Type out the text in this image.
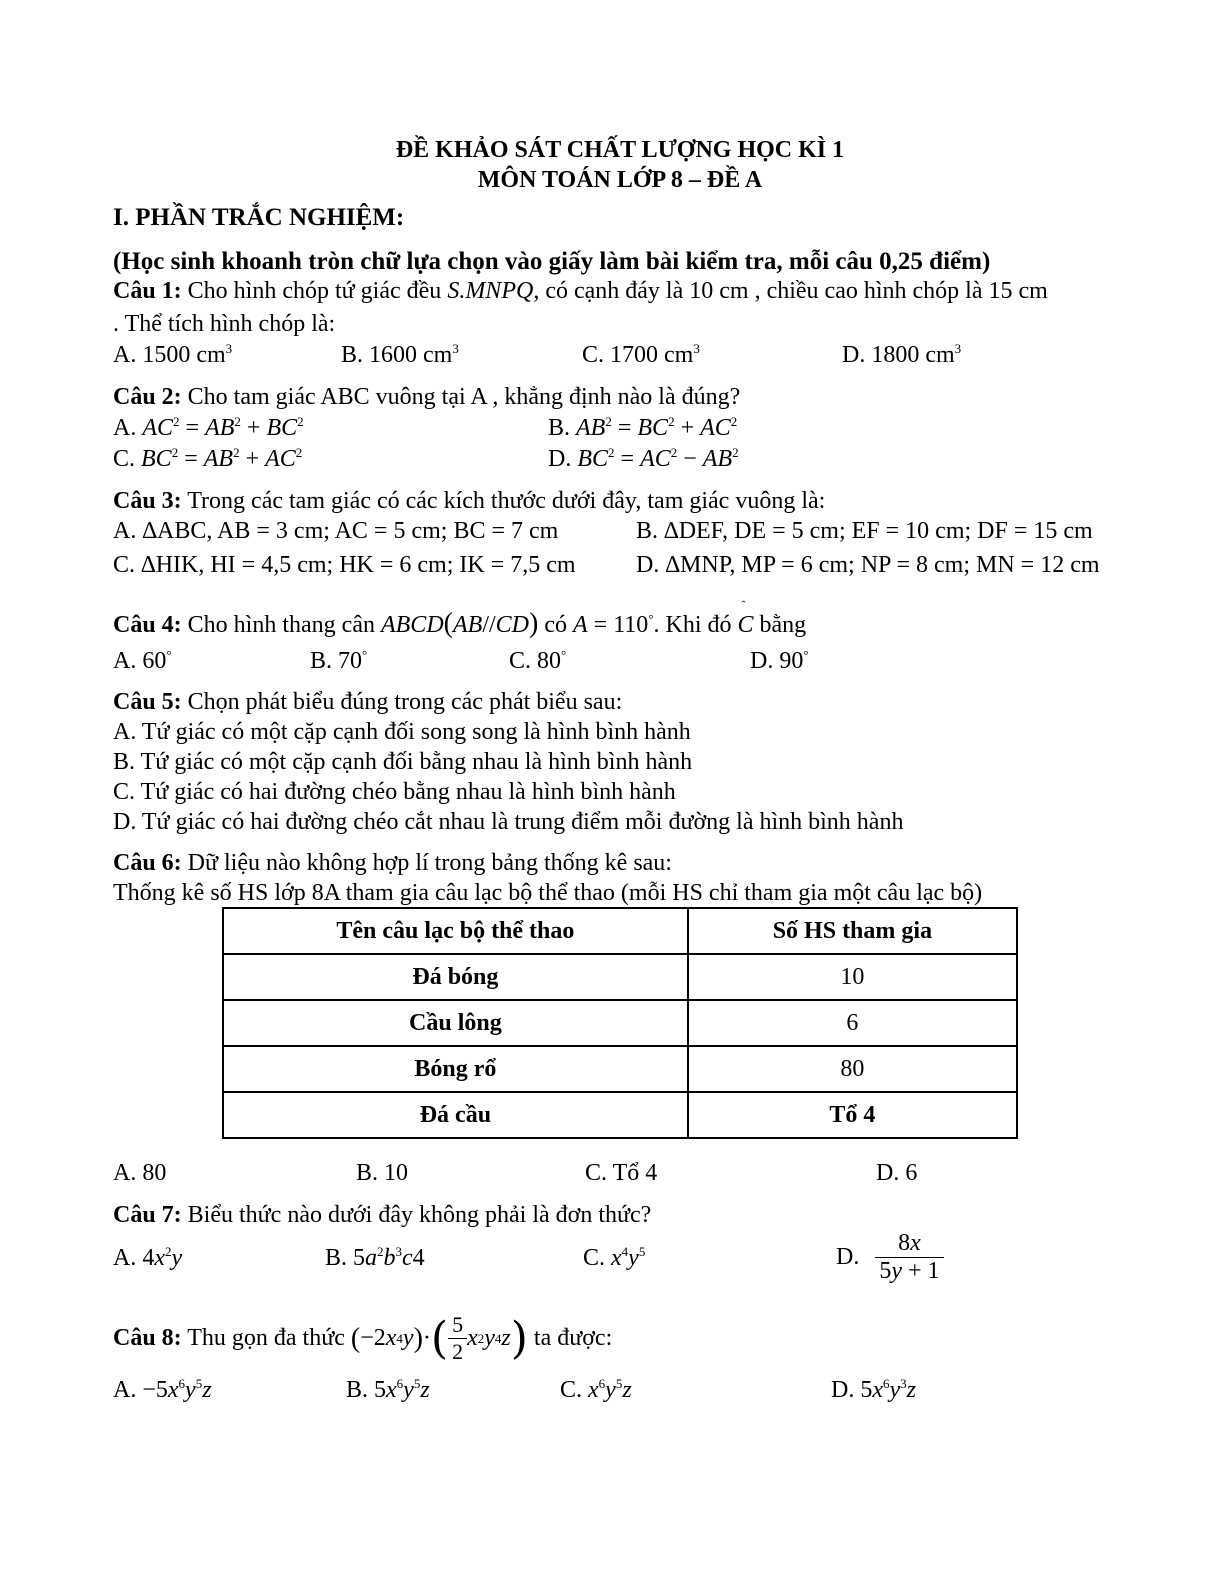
ĐỀ KHẢO SÁT CHẤT LƯỢNG HỌC KÌ 1
MÔN TOÁN LỚP 8 – ĐỀ A
I. PHẦN TRẮC NGHIỆM:
(Học sinh khoanh tròn chữ lựa chọn vào giấy làm bài kiểm tra, mỗi câu 0,25 điểm)
Câu 1: Cho hình chóp tứ giác đều S.MNPQ, có cạnh đáy là 10 cm , chiều cao hình chóp là 15 cm
. Thể tích hình chóp là:
A. 1500 $cm^3$	B. 1600 $cm^3$	C. 1700 $cm^3$	D. 1800 $cm^3$
Câu 2: Cho tam giác ABC vuông tại A , khẳng định nào là đúng?
A. $AC^2 = AB^2 + BC^2$	B. $AB^2 = BC^2 + AC^2$
C. $BC^2 = AB^2 + AC^2$	D. $BC^2 = AC^2 - AB^2$
Câu 3: Trong các tam giác có các kích thước dưới đây, tam giác vuông là:
A. ∆ABC, AB = 3 cm; AC = 5 cm; BC = 7 cm	B. ∆DEF, DE = 5 cm; EF = 10 cm; DF = 15 cm
C. ∆HIK, HI = 4,5 cm; HK = 6 cm; IK = 7,5 cm	D. ∆MNP, MP = 6 cm; NP = 8 cm; MN = 12 cm
Câu 4: Cho hình thang cân ABCD(AB//CD) có A = 110°. Khi đó C
ˆ
bằng
A. 60°	B. 70°	C. 80°	D. 90°
Câu 5: Chọn phát biểu đúng trong các phát biểu sau:
A. Tứ giác có một cặp cạnh đối song song là hình bình hành
B. Tứ giác có một cặp cạnh đối bằng nhau là hình bình hành
C. Tứ giác có hai đường chéo bằng nhau là hình bình hành
D. Tứ giác có hai đường chéo cắt nhau là trung điểm mỗi đường là hình bình hành
Câu 6: Dữ liệu nào không hợp lí trong bảng thống kê sau:
Thống kê số HS lớp 8A tham gia câu lạc bộ thể thao (mỗi HS chỉ tham gia một câu lạc bộ)
Tên câu lạc bộ thể thao	Số HS tham gia
Đá bóng	10
Cầu lông	6
Bóng rổ	80
Đá cầu	Tổ 4
A. 80	B. 10	C. Tổ 4	D. 6
Câu 7: Biểu thức nào dưới đây không phải là đơn thức?
A. $4x^2y$	B. $5a^2b^3c4$	C. $x^4y^5$	D.
$\frac{8x}{5y + 1}$
Câu 8: Thu gọn đa thức ( −2 x 4 y ) · ( $\frac{5}{2}$ x 2 y 4 z ) ta được:
A. $-5x^6y^5z$	B. $5x^6y^5z$	C. $x^6y^5z$	D. $5x^6y^3z$
